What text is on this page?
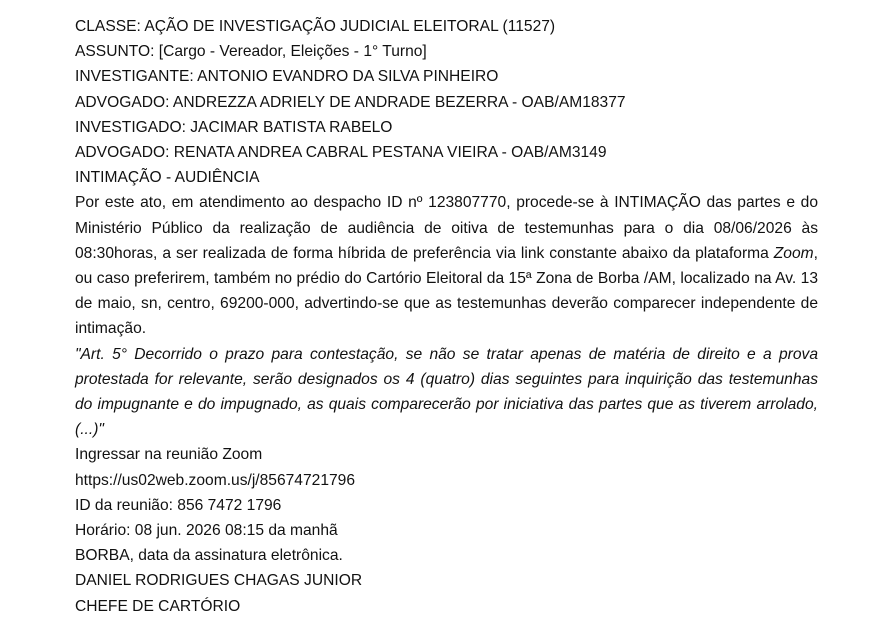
CLASSE: AÇÃO DE INVESTIGAÇÃO JUDICIAL ELEITORAL (11527)
ASSUNTO: [Cargo - Vereador, Eleições - 1° Turno]
INVESTIGANTE: ANTONIO EVANDRO DA SILVA PINHEIRO
ADVOGADO: ANDREZZA ADRIELY DE ANDRADE BEZERRA - OAB/AM18377
INVESTIGADO: JACIMAR BATISTA RABELO
ADVOGADO: RENATA ANDREA CABRAL PESTANA VIEIRA - OAB/AM3149
INTIMAÇÃO - AUDIÊNCIA
Por este ato, em atendimento ao despacho ID nº 123807770, procede-se à INTIMAÇÃO das partes e do Ministério Público da realização de audiência de oitiva de testemunhas para o dia 08/06/2026 às 08:30horas, a ser realizada de forma híbrida de preferência via link constante abaixo da plataforma Zoom, ou caso preferirem, também no prédio do Cartório Eleitoral da 15ª Zona de Borba /AM, localizado na Av. 13 de maio, sn, centro, 69200-000, advertindo-se que as testemunhas deverão comparecer independente de intimação.
"Art. 5° Decorrido o prazo para contestação, se não se tratar apenas de matéria de direito e a prova protestada for relevante, serão designados os 4 (quatro) dias seguintes para inquirição das testemunhas do impugnante e do impugnado, as quais comparecerão por iniciativa das partes que as tiverem arrolado, (...)"
Ingressar na reunião Zoom
https://us02web.zoom.us/j/85674721796
ID da reunião: 856 7472 1796
Horário: 08 jun. 2026 08:15 da manhã
BORBA, data da assinatura eletrônica.
DANIEL RODRIGUES CHAGAS JUNIOR
CHEFE DE CARTÓRIO
